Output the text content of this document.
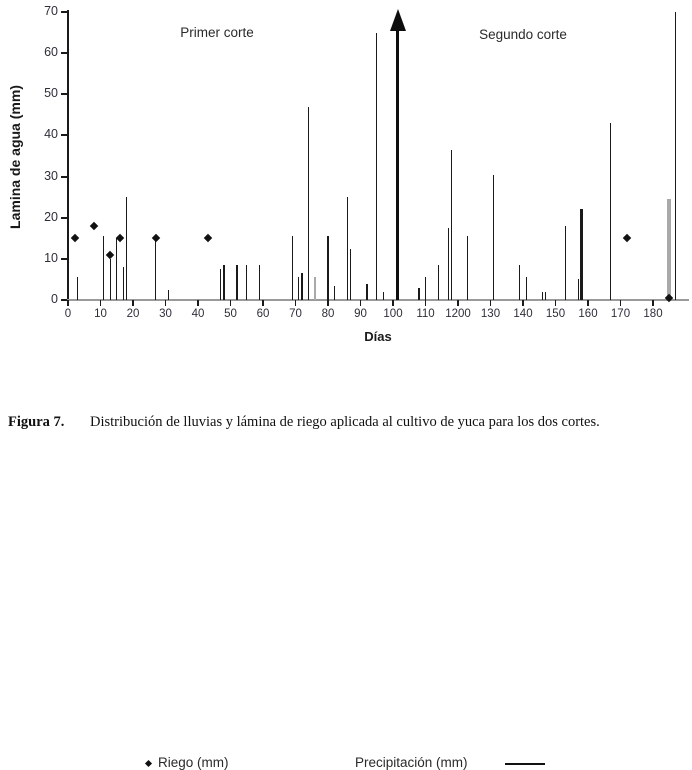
Lamina de agua (mm)
0
10
20
30
40
50
60
70
0	10	20	30	40	50	60	70	80	90	100	110 1200 130	140	150	160	170	180
Primer corte	Segundo corte
Días
Riego (mm)	Precipitación (mm)
Figura 7.	Distribución de lluvias y lámina de riego aplicada al cultivo de yuca para los dos cortes.
